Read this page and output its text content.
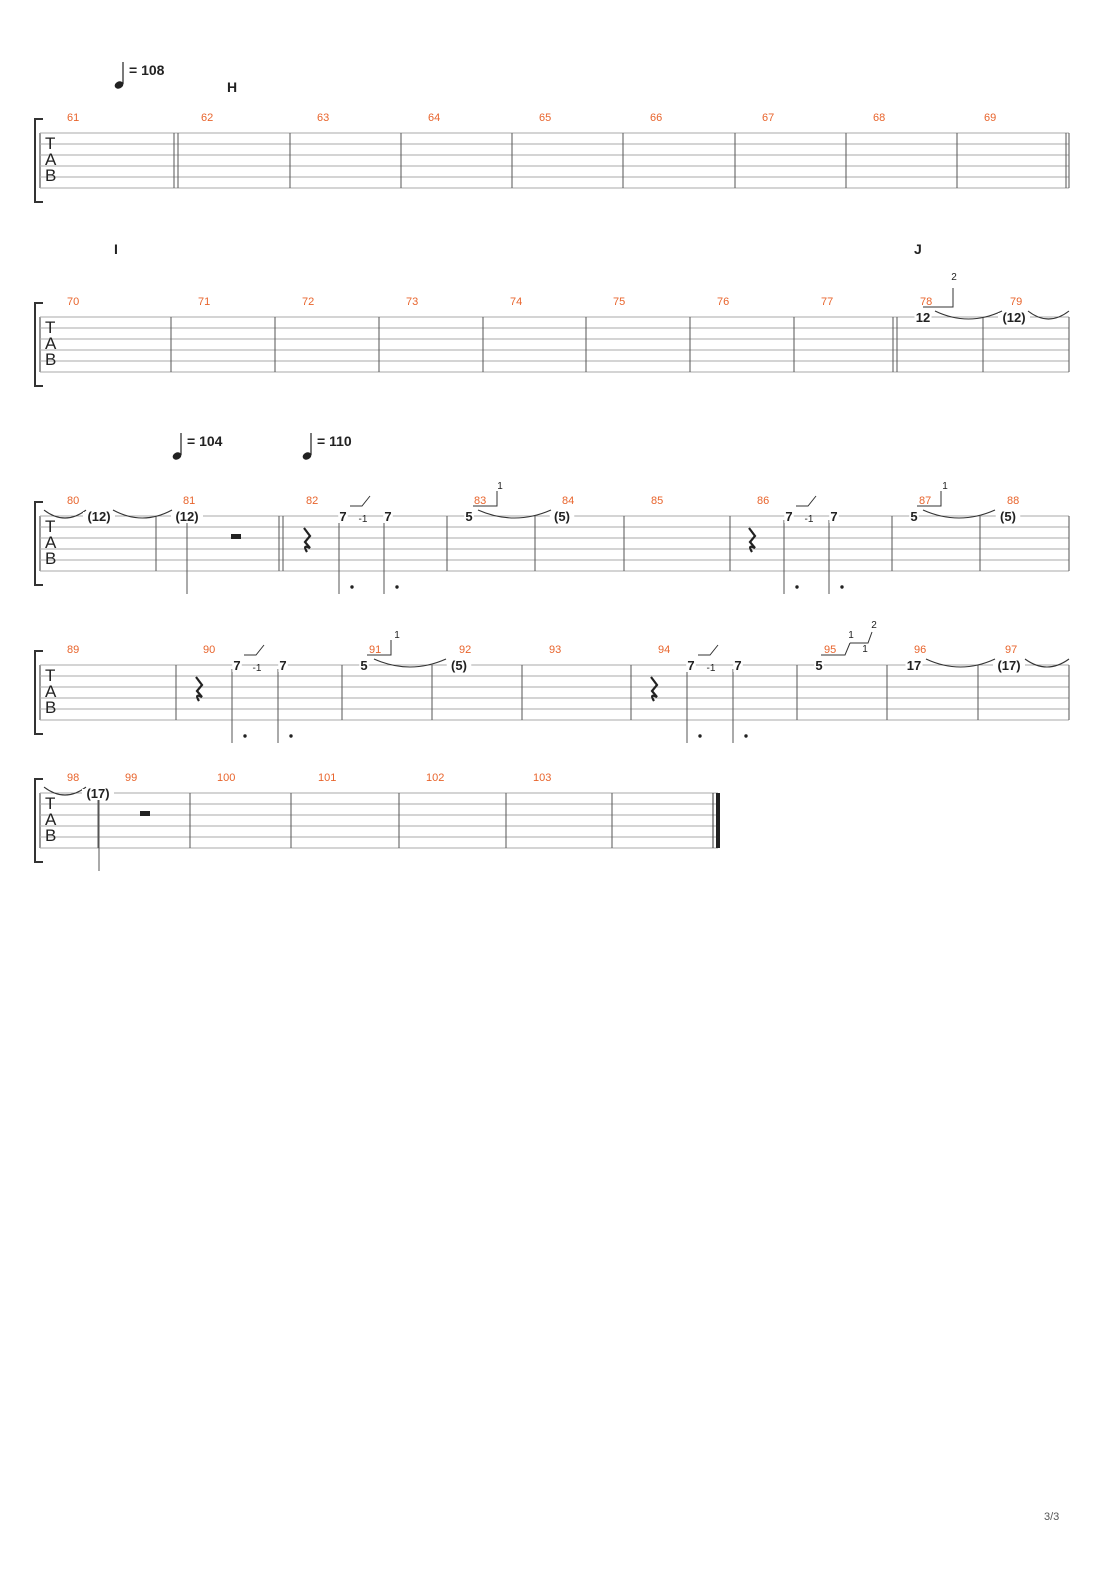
T
A
B
61	62	63	64	65	66	67	68	69
= 108
H
T
A
B
70	71	72	73	74	75	76	77	78	79
I	J
12	(12)
2
T
A
B
80	81	82	83	84	85	86	87	88
= 104	= 110
(12)	(12)	7	7	5	(5)	7	7	5	(5)
-1
1
-1
1
T
A
B
89	90	91	92	93	94	95	96	97
7	7	5	(5)	7	7	5	17	(17)
-1
1
-1
1
2
1
T
A
B
98	99	100	101	102	103
(17)
3/3
